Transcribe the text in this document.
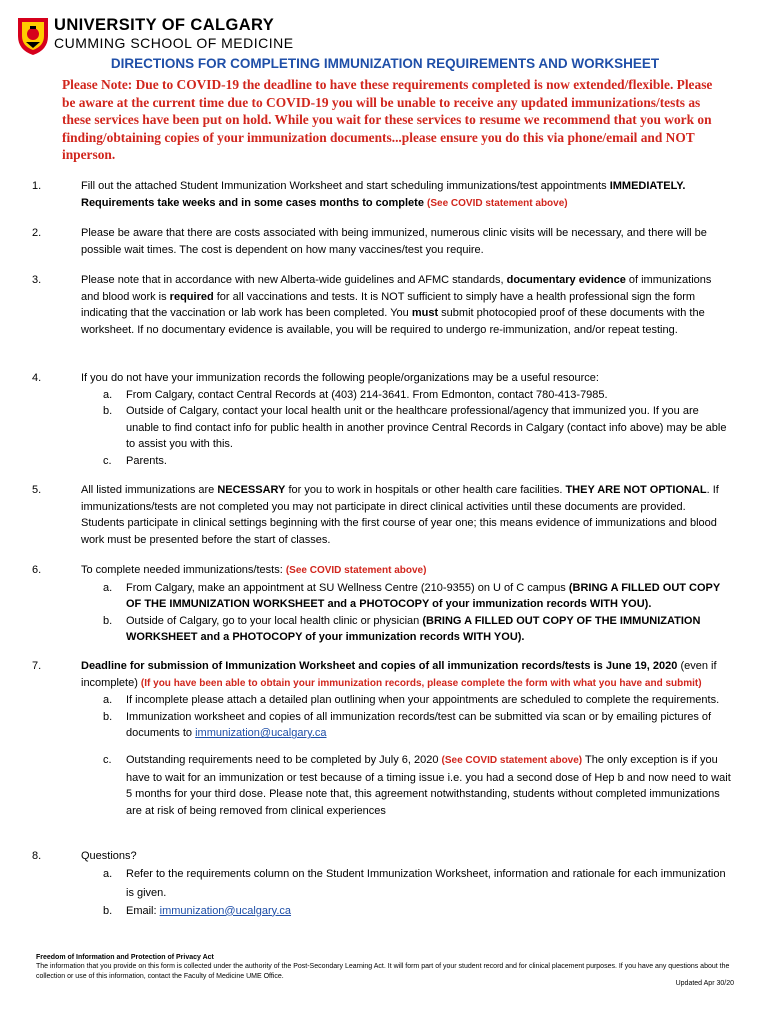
UNIVERSITY OF CALGARY
CUMMING SCHOOL OF MEDICINE
DIRECTIONS FOR COMPLETING IMMUNIZATION REQUIREMENTS AND WORKSHEET
Please Note: Due to COVID-19 the deadline to have these requirements completed is now extended/flexible. Please be aware at the current time due to COVID-19 you will be unable to receive any updated immunizations/tests as these services have been put on hold. While you wait for these services to resume we recommend that you work on finding/obtaining copies of your immunization documents...please ensure you do this via phone/email and NOT inperson.
1.	Fill out the attached Student Immunization Worksheet and start scheduling immunizations/test appointments IMMEDIATELY. Requirements take weeks and in some cases months to complete (See COVID statement above)
2.	Please be aware that there are costs associated with being immunized, numerous clinic visits will be necessary, and there will be possible wait times. The cost is dependent on how many vaccines/test you require.
3.	Please note that in accordance with new Alberta-wide guidelines and AFMC standards, documentary evidence of immunizations and blood work is required for all vaccinations and tests. It is NOT sufficient to simply have a health professional sign the form indicating that the vaccination or lab work has been completed. You must submit photocopied proof of these documents with the worksheet. If no documentary evidence is available, you will be required to undergo re-immunization, and/or repeat testing.
4.	If you do not have your immunization records the following people/organizations may be a useful resource:
a. From Calgary, contact Central Records at (403) 214-3641. From Edmonton, contact 780-413-7985.
b. Outside of Calgary, contact your local health unit or the healthcare professional/agency that immunized you. If you are unable to find contact info for public health in another province Central Records in Calgary (contact info above) may be able to assist you with this.
c. Parents.
5.	All listed immunizations are NECESSARY for you to work in hospitals or other health care facilities. THEY ARE NOT OPTIONAL. If immunizations/tests are not completed you may not participate in direct clinical activities until these documents are provided. Students participate in clinical settings beginning with the first course of year one; this means evidence of immunizations and blood work must be presented before the start of classes.
6.	To complete needed immunizations/tests: (See COVID statement above)
a. From Calgary, make an appointment at SU Wellness Centre (210-9355) on U of C campus (BRING A FILLED OUT COPY OF THE IMMUNIZATION WORKSHEET and a PHOTOCOPY of your immunization records WITH YOU).
b. Outside of Calgary, go to your local health clinic or physician (BRING A FILLED OUT COPY OF THE IMMUNIZATION WORKSHEET and a PHOTOCOPY of your immunization records WITH YOU).
7.	Deadline for submission of Immunization Worksheet and copies of all immunization records/tests is June 19, 2020 (even if incomplete) (If you have been able to obtain your immunization records, please complete the form with what you have and submit)
a. If incomplete please attach a detailed plan outlining when your appointments are scheduled to complete the requirements.
b. Immunization worksheet and copies of all immunization records/test can be submitted via scan or by emailing pictures of documents to immunization@ucalgary.ca
c. Outstanding requirements need to be completed by July 6, 2020 (See COVID statement above) The only exception is if you have to wait for an immunization or test because of a timing issue i.e. you had a second dose of Hep b and now need to wait 5 months for your third dose. Please note that, this agreement notwithstanding, students without completed immunizations are at risk of being removed from clinical experiences
8.	Questions?
a. Refer to the requirements column on the Student Immunization Worksheet, information and rationale for each immunization is given.
b. Email: immunization@ucalgary.ca
Freedom of Information and Protection of Privacy Act
The information that you provide on this form is collected under the authority of the Post-Secondary Learning Act. It will form part of your student record and for clinical placement purposes. If you have any questions about the collection or use of this information, contact the Faculty of Medicine UME Office.
Updated Apr 30/20
